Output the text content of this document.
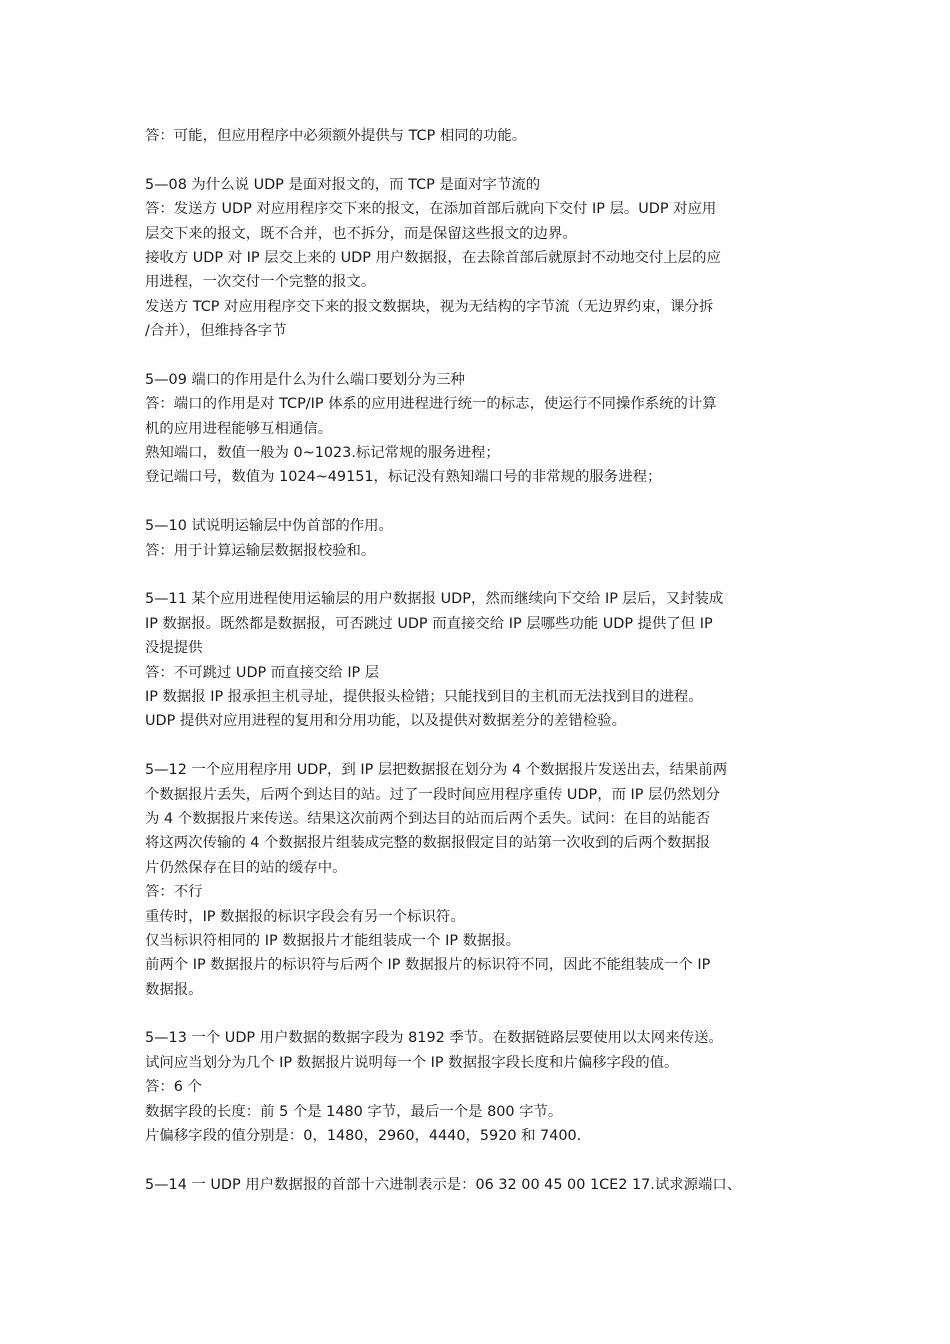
答：可能，但应用程序中必须额外提供与 TCP 相同的功能。
5—08 为什么说 UDP 是面对报文的，而 TCP 是面对字节流的
答：发送方 UDP 对应用程序交下来的报文，在添加首部后就向下交付 IP 层。UDP 对应用
层交下来的报文，既不合并，也不拆分，而是保留这些报文的边界。
接收方 UDP 对 IP 层交上来的 UDP 用户数据报，在去除首部后就原封不动地交付上层的应
用进程，一次交付一个完整的报文。
发送方 TCP 对应用程序交下来的报文数据块，视为无结构的字节流（无边界约束，课分拆
/合并），但维持各字节
5—09 端口的作用是什么为什么端口要划分为三种
答：端口的作用是对 TCP/IP 体系的应用进程进行统一的标志，使运行不同操作系统的计算
机的应用进程能够互相通信。
熟知端口，数值一般为 0~1023.标记常规的服务进程；
登记端口号，数值为 1024~49151，标记没有熟知端口号的非常规的服务进程；
5—10 试说明运输层中伪首部的作用。
答：用于计算运输层数据报校验和。
5—11 某个应用进程使用运输层的用户数据报 UDP，然而继续向下交给 IP 层后，又封装成
IP 数据报。既然都是数据报，可否跳过 UDP 而直接交给 IP 层哪些功能 UDP 提供了但 IP
没提提供
答：不可跳过 UDP 而直接交给 IP 层
IP 数据报 IP 报承担主机寻址，提供报头检错；只能找到目的主机而无法找到目的进程。
UDP 提供对应用进程的复用和分用功能，以及提供对数据差分的差错检验。
5—12 一个应用程序用 UDP，到 IP 层把数据报在划分为 4 个数据报片发送出去，结果前两
个数据报片丢失，后两个到达目的站。过了一段时间应用程序重传 UDP，而 IP 层仍然划分
为 4 个数据报片来传送。结果这次前两个到达目的站而后两个丢失。试问：在目的站能否
将这两次传输的 4 个数据报片组装成完整的数据报假定目的站第一次收到的后两个数据报
片仍然保存在目的站的缓存中。
答：不行
重传时，IP 数据报的标识字段会有另一个标识符。
仅当标识符相同的 IP 数据报片才能组装成一个 IP 数据报。
前两个 IP 数据报片的标识符与后两个 IP 数据报片的标识符不同，因此不能组装成一个 IP
数据报。
5—13 一个 UDP 用户数据的数据字段为 8192 季节。在数据链路层要使用以太网来传送。
试问应当划分为几个 IP 数据报片说明每一个 IP 数据报字段长度和片偏移字段的值。
答：6 个
数据字段的长度：前 5 个是 1480 字节，最后一个是 800 字节。
片偏移字段的值分别是：0，1480，2960，4440，5920 和 7400.
5—14 一 UDP 用户数据报的首部十六进制表示是：06 32 00 45 00 1CE2 17.试求源端口、
